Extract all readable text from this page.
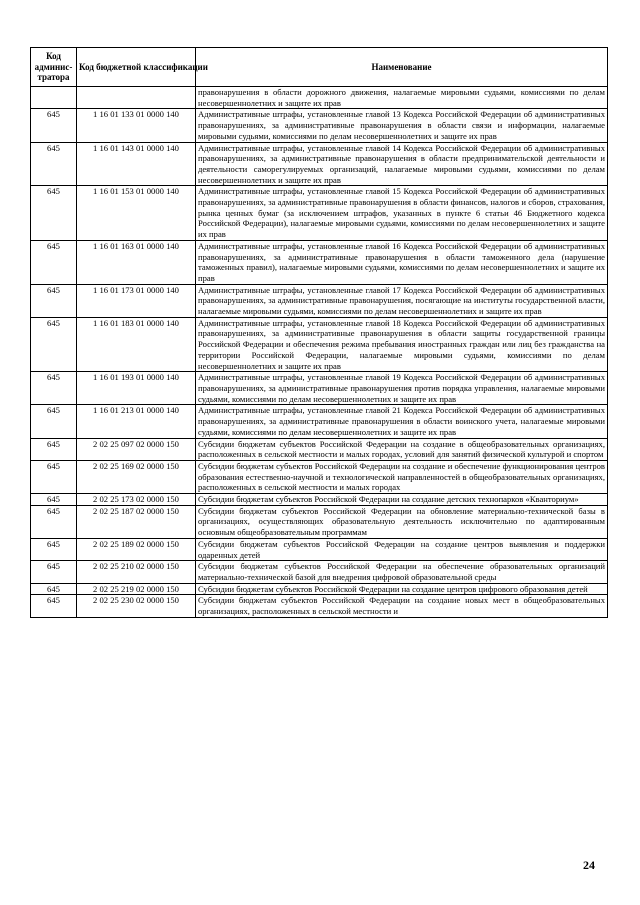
Код администратора	Код бюджетной классификации	Наименование
		правонарушения в области дорожного движения, налагаемые мировыми судьями, комиссиями по делам несовершеннолетних и защите их прав
645	1 16 01 133 01 0000 140	Административные штрафы, установленные главой 13 Кодекса Российской Федерации об административных правонарушениях, за административные правонарушения в области связи и информации, налагаемые мировыми судьями, комиссиями по делам несовершеннолетних и защите их прав
645	1 16 01 143 01 0000 140	Административные штрафы, установленные главой 14 Кодекса Российской Федерации об административных правонарушениях, за административные правонарушения в области предпринимательской деятельности и деятельности саморегулируемых организаций, налагаемые мировыми судьями, комиссиями по делам несовершеннолетних и защите их прав
645	1 16 01 153 01 0000 140	Административные штрафы, установленные главой 15 Кодекса Российской Федерации об административных правонарушениях, за административные правонарушения в области финансов, налогов и сборов, страхования, рынка ценных бумаг (за исключением штрафов, указанных в пункте 6 статьи 46 Бюджетного кодекса Российской Федерации), налагаемые мировыми судьями, комиссиями по делам несовершеннолетних и защите их прав
645	1 16 01 163 01 0000 140	Административные штрафы, установленные главой 16 Кодекса Российской Федерации об административных правонарушениях, за административные правонарушения в области таможенного дела (нарушение таможенных правил), налагаемые мировыми судьями, комиссиями по делам несовершеннолетних и защите их прав
645	1 16 01 173 01 0000 140	Административные штрафы, установленные главой 17 Кодекса Российской Федерации об административных правонарушениях, за административные правонарушения, посягающие на институты государственной власти, налагаемые мировыми судьями, комиссиями по делам несовершеннолетних и защите их прав
645	1 16 01 183 01 0000 140	Административные штрафы, установленные главой 18 Кодекса Российской Федерации об административных правонарушениях, за административные правонарушения в области защиты государственной границы Российской Федерации и обеспечения режима пребывания иностранных граждан или лиц без гражданства на территории Российской Федерации, налагаемые мировыми судьями, комиссиями по делам несовершеннолетних и защите их прав
645	1 16 01 193 01 0000 140	Административные штрафы, установленные главой 19 Кодекса Российской Федерации об административных правонарушениях, за административные правонарушения против порядка управления, налагаемые мировыми судьями, комиссиями по делам несовершеннолетних и защите их прав
645	1 16 01 213 01 0000 140	Административные штрафы, установленные главой 21 Кодекса Российской Федерации об административных правонарушениях, за административные правонарушения в области воинского учета, налагаемые мировыми судьями, комиссиями по делам несовершеннолетних и защите их прав
645	2 02 25 097 02 0000 150	Субсидии бюджетам субъектов Российской Федерации на создание в общеобразовательных организациях, расположенных в сельской местности и малых городах, условий для занятий физической культурой и спортом
645	2 02 25 169 02 0000 150	Субсидии бюджетам субъектов Российской Федерации на создание и обеспечение функционирования центров образования естественно-научной и технологической направленностей в общеобразовательных организациях, расположенных в сельской местности и малых городах
645	2 02 25 173 02 0000 150	Субсидии бюджетам субъектов Российской Федерации на создание детских технопарков «Кванториум»
645	2 02 25 187 02 0000 150	Субсидии бюджетам субъектов Российской Федерации на обновление материально-технической базы в организациях, осуществляющих образовательную деятельность исключительно по адаптированным основным общеобразовательным программам
645	2 02 25 189 02 0000 150	Субсидии бюджетам субъектов Российской Федерации на создание центров выявления и поддержки одаренных детей
645	2 02 25 210 02 0000 150	Субсидии бюджетам субъектов Российской Федерации на обеспечение образовательных организаций материально-технической базой для внедрения цифровой образовательной среды
645	2 02 25 219 02 0000 150	Субсидии бюджетам субъектов Российской Федерации на создание центров цифрового образования детей
645	2 02 25 230 02 0000 150	Субсидии бюджетам субъектов Российской Федерации на создание новых мест в общеобразовательных организациях, расположенных в сельской местности и
24
